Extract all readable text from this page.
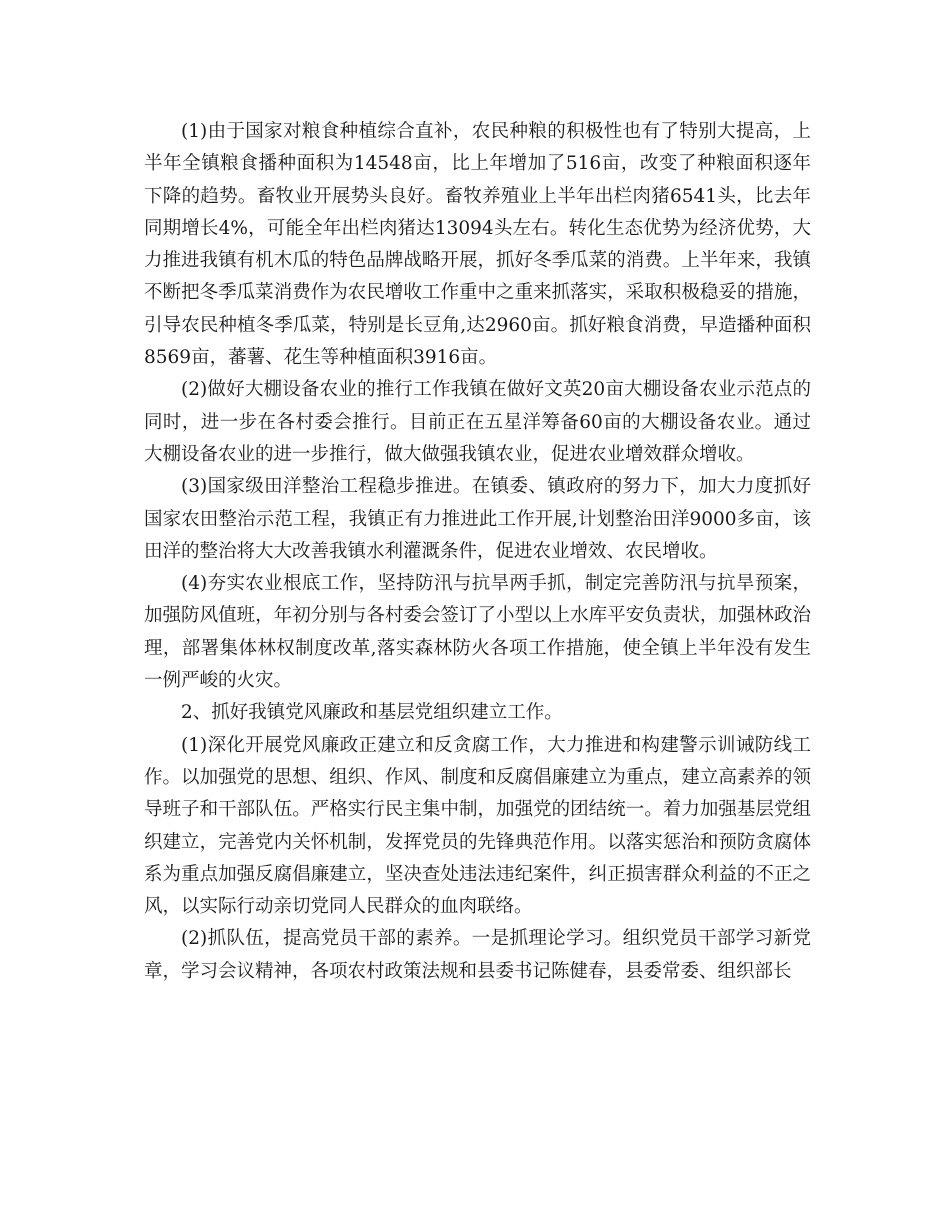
(1)由于国家对粮食种植综合直补，农民种粮的积极性也有了特别大提高，上半年全镇粮食播种面积为14548亩，比上年增加了516亩，改变了种粮面积逐年下降的趋势。畜牧业开展势头良好。畜牧养殖业上半年出栏肉猪6541头，比去年同期增长4%，可能全年出栏肉猪达13094头左右。转化生态优势为经济优势，大力推进我镇有机木瓜的特色品牌战略开展，抓好冬季瓜菜的消费。上半年来，我镇不断把冬季瓜菜消费作为农民增收工作重中之重来抓落实，采取积极稳妥的措施，引导农民种植冬季瓜菜，特别是长豆角,达2960亩。抓好粮食消费，早造播种面积8569亩，蕃薯、花生等种植面积3916亩。

(2)做好大棚设备农业的推行工作我镇在做好文英20亩大棚设备农业示范点的同时，进一步在各村委会推行。目前正在五星洋筹备60亩的大棚设备农业。通过大棚设备农业的进一步推行，做大做强我镇农业，促进农业增效群众增收。

(3)国家级田洋整治工程稳步推进。在镇委、镇政府的努力下，加大力度抓好国家农田整治示范工程，我镇正有力推进此工作开展,计划整治田洋9000多亩，该田洋的整治将大大改善我镇水利灌溉条件，促进农业增效、农民增收。

(4)夯实农业根底工作，坚持防汛与抗旱两手抓，制定完善防汛与抗旱预案，加强防风值班，年初分别与各村委会签订了小型以上水库平安负责状，加强林政治理，部署集体林权制度改革,落实森林防火各项工作措施，使全镇上半年没有发生一例严峻的火灾。

2、抓好我镇党风廉政和基层党组织建立工作。

(1)深化开展党风廉政正建立和反贪腐工作，大力推进和构建警示训诫防线工作。以加强党的思想、组织、作风、制度和反腐倡廉建立为重点，建立高素养的领导班子和干部队伍。严格实行民主集中制，加强党的团结统一。着力加强基层党组织建立，完善党内关怀机制，发挥党员的先锋典范作用。以落实惩治和预防贪腐体系为重点加强反腐倡廉建立，坚决查处违法违纪案件，纠正损害群众利益的不正之风，以实际行动亲切党同人民群众的血肉联络。

(2)抓队伍，提高党员干部的素养。一是抓理论学习。组织党员干部学习新党章，学习会议精神，各项农村政策法规和县委书记陈健春，县委常委、组织部长
